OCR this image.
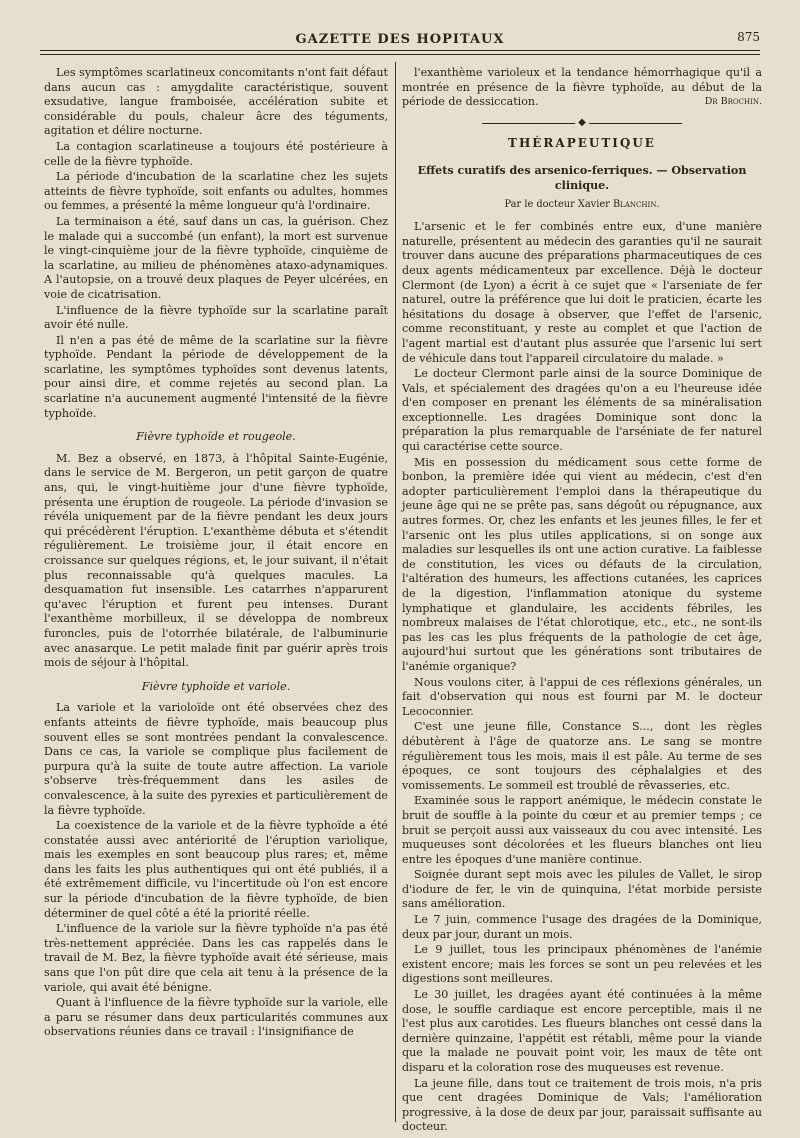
GAZETTE DES HOPITAUX	875

Les symptômes scarlatineux concomitants n'ont fait défaut dans aucun cas : amygdalite caractéristique, souvent exsudative, langue framboisée, accélération subite et considérable du pouls, chaleur âcre des téguments, agitation et délire nocturne.

La contagion scarlatineuse a toujours été postérieure à celle de la fièvre typhoïde.

La période d'incubation de la scarlatine chez les sujets atteints de fièvre typhoïde, soit enfants ou adultes, hommes ou femmes, a présenté la même longueur qu'à l'ordinaire.

La terminaison a été, sauf dans un cas, la guérison. Chez le malade qui a succombé (un enfant), la mort est survenue le vingt-cinquième jour de la fièvre typhoïde, cinquième de la scarlatine, au milieu de phénomènes ataxo-adynamiques. A l'autopsie, on a trouvé deux plaques de Peyer ulcérées, en voie de cicatrisation.

L'influence de la fièvre typhoïde sur la scarlatine paraît avoir été nulle.

Il n'en a pas été de même de la scarlatine sur la fièvre typhoïde. Pendant la période de développement de la scarlatine, les symptômes typhoïdes sont devenus latents, pour ainsi dire, et comme rejetés au second plan. La scarlatine n'a aucunement augmenté l'intensité de la fièvre typhoïde.

Fièvre typhoïde et rougeole.

M. Bez a observé, en 1873, à l'hôpital Sainte-Eugénie, dans le service de M. Bergeron, un petit garçon de quatre ans, qui, le vingt-huitième jour d'une fièvre typhoïde, présenta une éruption de rougeole. La période d'invasion se révéla uniquement par de la fièvre pendant les deux jours qui précédèrent l'éruption. L'exanthème débuta et s'étendit régulièrement. Le troisième jour, il était encore en croissance sur quelques régions, et, le jour suivant, il n'était plus reconnaissable qu'à quelques macules. La desquamation fut insensible. Les catarrhes n'apparurent qu'avec l'éruption et furent peu intenses. Durant l'exanthème morbilleux, il se développa de nombreux furoncles, puis de l'otorrhée bilatérale, de l'albuminurie avec anasarque. Le petit malade finit par guérir après trois mois de séjour à l'hôpital.

Fièvre typhoïde et variole.

La variole et la varioloïde ont été observées chez des enfants atteints de fièvre typhoïde, mais beaucoup plus souvent elles se sont montrées pendant la convalescence. Dans ce cas, la variole se complique plus facilement de purpura qu'à la suite de toute autre affection. La variole s'observe très-fréquemment dans les asiles de convalescence, à la suite des pyrexies et particulièrement de la fièvre typhoïde.

La coexistence de la variole et de la fièvre typhoïde a été constatée aussi avec antériorité de l'éruption variolique, mais les exemples en sont beaucoup plus rares; et, même dans les faits les plus authentiques qui ont été publiés, il a été extrêmement difficile, vu l'incertitude où l'on est encore sur la période d'incubation de la fièvre typhoïde, de bien déterminer de quel côté a été la priorité réelle.

L'influence de la variole sur la fièvre typhoïde n'a pas été très-nettement appréciée. Dans les cas rappelés dans le travail de M. Bez, la fièvre typhoïde avait été sérieuse, mais sans que l'on pût dire que cela ait tenu à la présence de la variole, qui avait été bénigne.

Quant à l'influence de la fièvre typhoïde sur la variole, elle a paru se résumer dans deux particularités communes aux observations réunies dans ce travail : l'insignifiance de

l'exanthème varioleux et la tendance hémorrhagique qu'il a montrée en présence de la fièvre typhoïde, au début de la période de dessiccation.	Dr Brochin.

◆
THÉRAPEUTIQUE
Effets curatifs des arsenico-ferriques. — Observation clinique.
Par le docteur Xavier Blanchin.

L'arsenic et le fer combinés entre eux, d'une manière naturelle, présentent au médecin des garanties qu'il ne saurait trouver dans aucune des préparations pharmaceutiques de ces deux agents médicamenteux par excellence. Déjà le docteur Clermont (de Lyon) a écrit à ce sujet que « l'arseniate de fer naturel, outre la préférence que lui doit le praticien, écarte les hésitations du dosage à observer, que l'effet de l'arsenic, comme reconstituant, y reste au complet et que l'action de l'agent martial est d'autant plus assurée que l'arsenic lui sert de véhicule dans tout l'appareil circulatoire du malade. »

Le docteur Clermont parle ainsi de la source Dominique de Vals, et spécialement des dragées qu'on a eu l'heureuse idée d'en composer en prenant les éléments de sa minéralisation exceptionnelle. Les dragées Dominique sont donc la préparation la plus remarquable de l'arséniate de fer naturel qui caractérise cette source.

Mis en possession du médicament sous cette forme de bonbon, la première idée qui vient au médecin, c'est d'en adopter particulièrement l'emploi dans la thérapeutique du jeune âge qui ne se prête pas, sans dégoût ou répugnance, aux autres formes. Or, chez les enfants et les jeunes filles, le fer et l'arsenic ont les plus utiles applications, si on songe aux maladies sur lesquelles ils ont une action curative. La faiblesse de constitution, les vices ou défauts de la circulation, l'altération des humeurs, les affections cutanées, les caprices de la digestion, l'inflammation atonique du systeme lymphatique et glandulaire, les accidents fébriles, les nombreux malaises de l'état chlorotique, etc., etc., ne sont-ils pas les cas les plus fréquents de la pathologie de cet âge, aujourd'hui surtout que les générations sont tributaires de l'anémie organique?

Nous voulons citer, à l'appui de ces réflexions générales, un fait d'observation qui nous est fourni par M. le docteur Lecoconnier.

C'est une jeune fille, Constance S..., dont les règles débutèrent à l'âge de quatorze ans. Le sang se montre régulièrement tous les mois, mais il est pâle. Au terme de ses époques, ce sont toujours des céphalalgies et des vomissements. Le sommeil est troublé de rêvasseries, etc.

Examinée sous le rapport anémique, le médecin constate le bruit de souffle à la pointe du cœur et au premier temps ; ce bruit se perçoit aussi aux vaisseaux du cou avec intensité. Les muqueuses sont décolorées et les flueurs blanches ont lieu entre les époques d'une manière continue.

Soignée durant sept mois avec les pilules de Vallet, le sirop d'iodure de fer, le vin de quinquina, l'état morbide persiste sans amélioration.

Le 7 juin, commence l'usage des dragées de la Dominique, deux par jour, durant un mois.

Le 9 juillet, tous les principaux phénomènes de l'anémie existent encore; mais les forces se sont un peu relevées et les digestions sont meilleures.

Le 30 juillet, les dragées ayant été continuées à la même dose, le souffle cardiaque est encore perceptible, mais il ne l'est plus aux carotides. Les flueurs blanches ont cessé dans la dernière quinzaine, l'appétit est rétabli, même pour la viande que la malade ne pouvait point voir, les maux de tête ont disparu et la coloration rose des muqueuses est revenue.

La jeune fille, dans tout ce traitement de trois mois, n'a pris que cent dragées Dominique de Vals; l'amélioration progressive, à la dose de deux par jour, paraissait suffisante au docteur.
